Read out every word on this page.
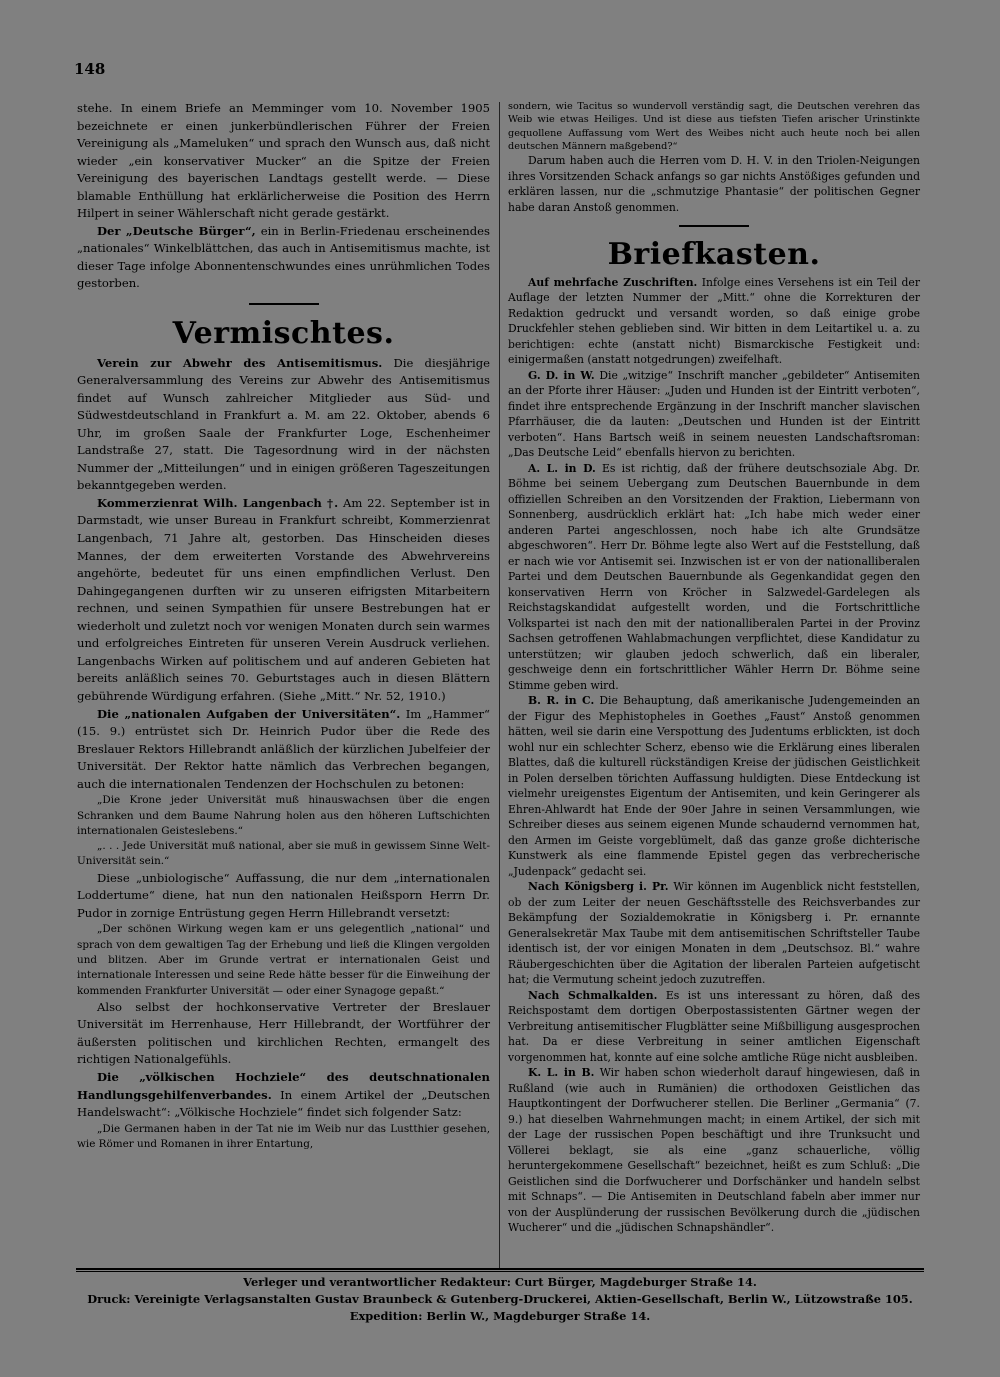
148

stehe. In einem Briefe an Memminger vom 10. November 1905 bezeichnete er einen junkerbündlerischen Führer der Freien Vereinigung als „Mameluken“ und sprach den Wunsch aus, daß nicht wieder „ein konservativer Mucker“ an die Spitze der Freien Vereinigung des bayerischen Landtags gestellt werde. — Diese blamable Enthüllung hat erklärlicherweise die Position des Herrn Hilpert in seiner Wählerschaft nicht gerade gestärkt.

Der „Deutsche Bürger“, ein in Berlin-Friedenau erscheinendes „nationales“ Winkelblättchen, das auch in Antisemitismus machte, ist dieser Tage infolge Abonnentenschwundes eines unrühmlichen Todes gestorben.

Vermischtes.

Verein zur Abwehr des Antisemitismus. Die diesjährige Generalversammlung des Vereins zur Abwehr des Antisemitismus findet auf Wunsch zahlreicher Mitglieder aus Süd- und Südwestdeutschland in Frankfurt a. M. am 22. Oktober, abends 6 Uhr, im großen Saale der Frankfurter Loge, Eschenheimer Landstraße 27, statt. Die Tagesordnung wird in der nächsten Nummer der „Mitteilungen“ und in einigen größeren Tageszeitungen bekanntgegeben werden.

Kommerzienrat Wilh. Langenbach †. Am 22. September ist in Darmstadt, wie unser Bureau in Frankfurt schreibt, Kommerzienrat Langenbach, 71 Jahre alt, gestorben. Das Hinscheiden dieses Mannes, der dem erweiterten Vorstande des Abwehrvereins angehörte, bedeutet für uns einen empfindlichen Verlust. Den Dahingegangenen durften wir zu unseren eifrigsten Mitarbeitern rechnen, und seinen Sympathien für unsere Bestrebungen hat er wiederholt und zuletzt noch vor wenigen Monaten durch sein warmes und erfolgreiches Eintreten für unseren Verein Ausdruck verliehen. Langenbachs Wirken auf politischem und auf anderen Gebieten hat bereits anläßlich seines 70. Geburtstages auch in diesen Blättern gebührende Würdigung erfahren. (Siehe „Mitt.“ Nr. 52, 1910.)

Die „nationalen Aufgaben der Universitäten“. Im „Hammer“ (15. 9.) entrüstet sich Dr. Heinrich Pudor über die Rede des Breslauer Rektors Hillebrandt anläßlich der kürzlichen Jubelfeier der Universität. Der Rektor hatte nämlich das Verbrechen begangen, auch die internationalen Tendenzen der Hochschulen zu betonen:

„Die Krone jeder Universität muß hinauswachsen über die engen Schranken und dem Baume Nahrung holen aus den höheren Luftschichten internationalen Geisteslebens.“

„. . . Jede Universität muß national, aber sie muß in gewissem Sinne Welt-Universität sein.“

Diese „unbiologische“ Auffassung, die nur dem „internationalen Loddertume“ diene, hat nun den nationalen Heißsporn Herrn Dr. Pudor in zornige Entrüstung gegen Herrn Hillebrandt versetzt:

„Der schönen Wirkung wegen kam er uns gelegentlich „national“ und sprach von dem gewaltigen Tag der Erhebung und ließ die Klingen vergolden und blitzen. Aber im Grunde vertrat er internationalen Geist und internationale Interessen und seine Rede hätte besser für die Einweihung der kommenden Frankfurter Universität — oder einer Synagoge gepaßt.“

Also selbst der hochkonservative Vertreter der Breslauer Universität im Herrenhause, Herr Hillebrandt, der Wortführer der äußersten politischen und kirchlichen Rechten, ermangelt des richtigen Nationalgefühls.

Die „völkischen Hochziele“ des deutschnationalen Handlungsgehilfenverbandes. In einem Artikel der „Deutschen Handelswacht“: „Völkische Hochziele“ findet sich folgender Satz:

„Die Germanen haben in der Tat nie im Weib nur das Lustthier gesehen, wie Römer und Romanen in ihrer Entartung,

sondern, wie Tacitus so wundervoll verständig sagt, die Deutschen verehren das Weib wie etwas Heiliges. Und ist diese aus tiefsten Tiefen arischer Urinstinkte gequollene Auffassung vom Wert des Weibes nicht auch heute noch bei allen deutschen Männern maßgebend?“

Darum haben auch die Herren vom D. H. V. in den Triolen-Neigungen ihres Vorsitzenden Schack anfangs so gar nichts Anstößiges gefunden und erklären lassen, nur die „schmutzige Phantasie“ der politischen Gegner habe daran Anstoß genommen.

Briefkasten.

Auf mehrfache Zuschriften. Infolge eines Versehens ist ein Teil der Auflage der letzten Nummer der „Mitt.“ ohne die Korrekturen der Redaktion gedruckt und versandt worden, so daß einige grobe Druckfehler stehen geblieben sind. Wir bitten in dem Leitartikel u. a. zu berichtigen: echte (anstatt nicht) Bismarckische Festigkeit und: einigermaßen (anstatt notgedrungen) zweifelhaft.

G. D. in W. Die „witzige“ Inschrift mancher „gebildeter“ Antisemiten an der Pforte ihrer Häuser: „Juden und Hunden ist der Eintritt verboten“, findet ihre entsprechende Ergänzung in der Inschrift mancher slavischen Pfarrhäuser, die da lauten: „Deutschen und Hunden ist der Eintritt verboten“. Hans Bartsch weiß in seinem neuesten Landschaftsroman: „Das Deutsche Leid“ ebenfalls hiervon zu berichten.

A. L. in D. Es ist richtig, daß der frühere deutschsoziale Abg. Dr. Böhme bei seinem Uebergang zum Deutschen Bauernbunde in dem offiziellen Schreiben an den Vorsitzenden der Fraktion, Liebermann von Sonnenberg, ausdrücklich erklärt hat: „Ich habe mich weder einer anderen Partei angeschlossen, noch habe ich alte Grundsätze abgeschworen“. Herr Dr. Böhme legte also Wert auf die Feststellung, daß er nach wie vor Antisemit sei. Inzwischen ist er von der nationalliberalen Partei und dem Deutschen Bauernbunde als Gegenkandidat gegen den konservativen Herrn von Kröcher in Salzwedel-Gardelegen als Reichstagskandidat aufgestellt worden, und die Fortschrittliche Volkspartei ist nach den mit der nationalliberalen Partei in der Provinz Sachsen getroffenen Wahlabmachungen verpflichtet, diese Kandidatur zu unterstützen; wir glauben jedoch schwerlich, daß ein liberaler, geschweige denn ein fortschrittlicher Wähler Herrn Dr. Böhme seine Stimme geben wird.

B. R. in C. Die Behauptung, daß amerikanische Judengemeinden an der Figur des Mephistopheles in Goethes „Faust“ Anstoß genommen hätten, weil sie darin eine Verspottung des Judentums erblickten, ist doch wohl nur ein schlechter Scherz, ebenso wie die Erklärung eines liberalen Blattes, daß die kulturell rückständigen Kreise der jüdischen Geistlichkeit in Polen derselben törichten Auffassung huldigten. Diese Entdeckung ist vielmehr ureigenstes Eigentum der Antisemiten, und kein Geringerer als Ehren-Ahlwardt hat Ende der 90er Jahre in seinen Versammlungen, wie Schreiber dieses aus seinem eigenen Munde schaudernd vernommen hat, den Armen im Geiste vorgeblümelt, daß das ganze große dichterische Kunstwerk als eine flammende Epistel gegen das verbrecherische „Judenpack“ gedacht sei.

Nach Königsberg i. Pr. Wir können im Augenblick nicht feststellen, ob der zum Leiter der neuen Geschäftsstelle des Reichsverbandes zur Bekämpfung der Sozialdemokratie in Königsberg i. Pr. ernannte Generalsekretär Max Taube mit dem antisemitischen Schriftsteller Taube identisch ist, der vor einigen Monaten in dem „Deutschsoz. Bl.“ wahre Räubergeschichten über die Agitation der liberalen Parteien aufgetischt hat; die Vermutung scheint jedoch zuzutreffen.

Nach Schmalkalden. Es ist uns interessant zu hören, daß des Reichspostamt dem dortigen Oberpostassistenten Gärtner wegen der Verbreitung antisemitischer Flugblätter seine Mißbilligung ausgesprochen hat. Da er diese Verbreitung in seiner amtlichen Eigenschaft vorgenommen hat, konnte auf eine solche amtliche Rüge nicht ausbleiben.

K. L. in B. Wir haben schon wiederholt darauf hingewiesen, daß in Rußland (wie auch in Rumänien) die orthodoxen Geistlichen das Hauptkontingent der Dorfwucherer stellen. Die Berliner „Germania“ (7. 9.) hat dieselben Wahrnehmungen macht; in einem Artikel, der sich mit der Lage der russischen Popen beschäftigt und ihre Trunksucht und Völlerei beklagt, sie als eine „ganz schauerliche, völlig heruntergekommene Gesellschaft“ bezeichnet, heißt es zum Schluß: „Die Geistlichen sind die Dorfwucherer und Dorfschänker und handeln selbst mit Schnaps“. — Die Antisemiten in Deutschland fabeln aber immer nur von der Ausplünderung der russischen Bevölkerung durch die „jüdischen Wucherer“ und die „jüdischen Schnapshändler“.

Verleger und verantwortlicher Redakteur: Curt Bürger, Magdeburger Straße 14.
Druck: Vereinigte Verlagsanstalten Gustav Braunbeck & Gutenberg-Druckerei, Aktien-Gesellschaft, Berlin W., Lützowstraße 105.
Expedition: Berlin W., Magdeburger Straße 14.
